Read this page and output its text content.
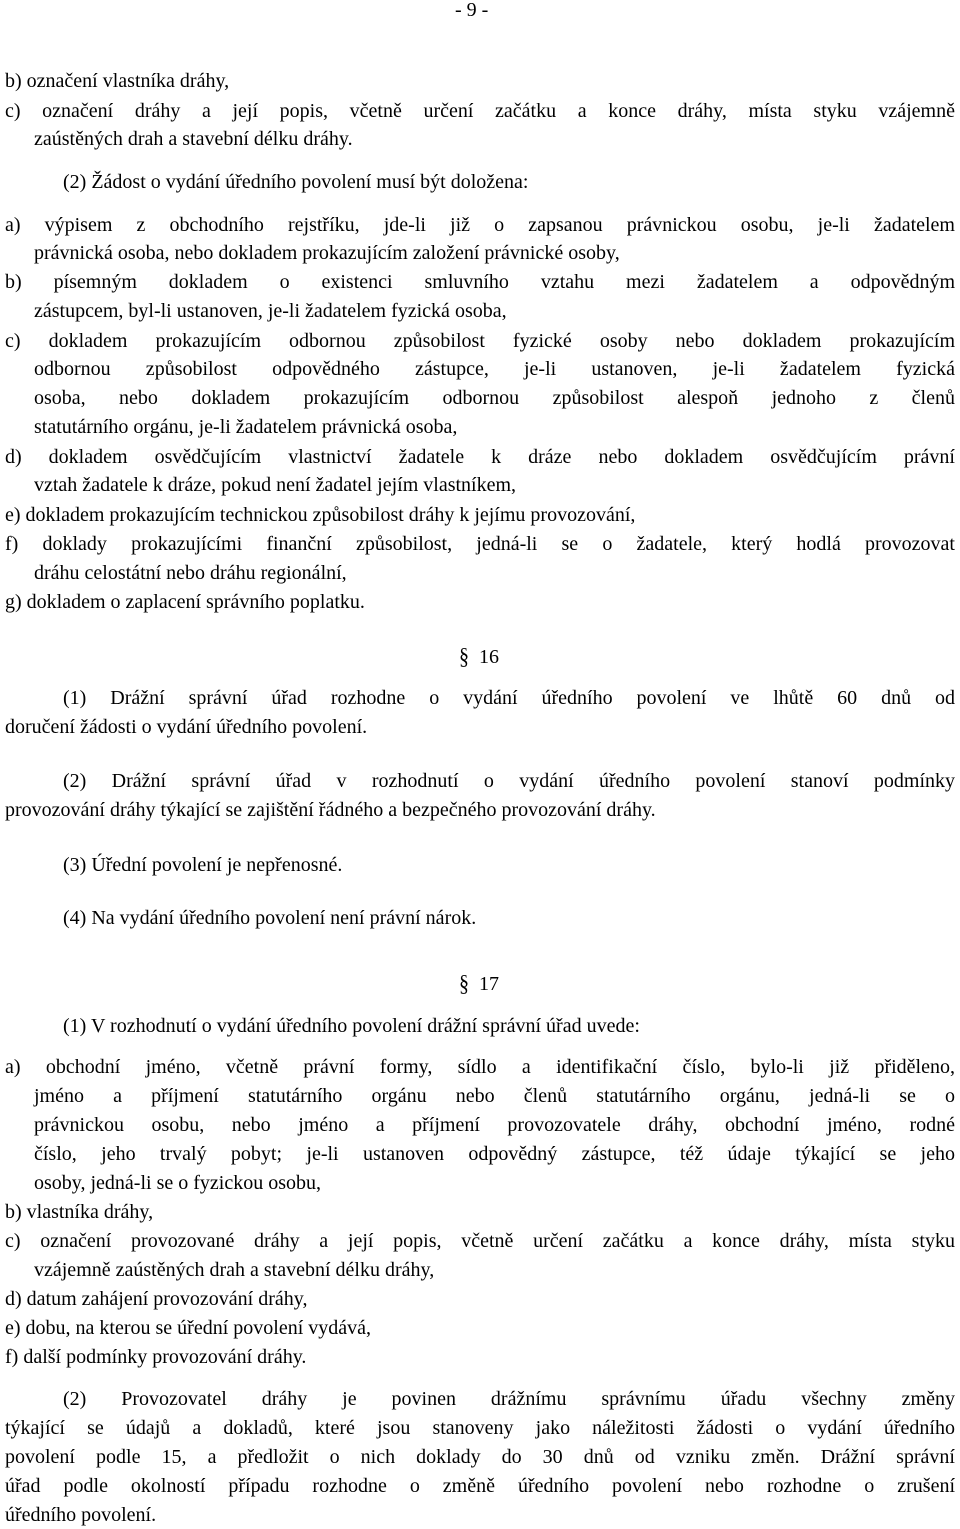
- 9 -
b) označení vlastníka dráhy,
c) označení dráhy a její popis, včetně určení začátku a konce dráhy, místa styku vzájemně
zaústěných drah a stavební délku dráhy.
(2) Žádost o vydání úředního povolení musí být doložena:
a) výpisem z obchodního rejstříku, jde-li již o zapsanou právnickou osobu, je-li žadatelem
právnická osoba, nebo dokladem prokazujícím založení právnické osoby,
b) písemným dokladem o existenci smluvního vztahu mezi žadatelem a odpovědným
zástupcem, byl-li ustanoven, je-li žadatelem fyzická osoba,
c) dokladem prokazujícím odbornou způsobilost fyzické osoby nebo dokladem prokazujícím
odbornou způsobilost odpovědného zástupce, je-li ustanoven, je-li žadatelem fyzická
osoba, nebo dokladem prokazujícím odbornou způsobilost alespoň jednoho z členů
statutárního orgánu, je-li žadatelem právnická osoba,
d) dokladem osvědčujícím vlastnictví žadatele k dráze nebo dokladem osvědčujícím právní
vztah žadatele k dráze, pokud není žadatel jejím vlastníkem,
e) dokladem prokazujícím technickou způsobilost dráhy k jejímu provozování,
f) doklady prokazujícími finanční způsobilost, jedná-li se o žadatele, který hodlá provozovat
dráhu celostátní nebo dráhu regionální,
g) dokladem o zaplacení správního poplatku.
§ 16
(1) Drážní správní úřad rozhodne o vydání úředního povolení ve lhůtě 60 dnů od
doručení žádosti o vydání úředního povolení.
(2) Drážní správní úřad v rozhodnutí o vydání úředního povolení stanoví podmínky
provozování dráhy týkající se zajištění řádného a bezpečného provozování dráhy.
(3) Úřední povolení je nepřenosné.
(4) Na vydání úředního povolení není právní nárok.
§ 17
(1) V rozhodnutí o vydání úředního povolení drážní správní úřad uvede:
a) obchodní jméno, včetně právní formy, sídlo a identifikační číslo, bylo-li již přiděleno,
jméno a příjmení statutárního orgánu nebo členů statutárního orgánu, jedná-li se o
právnickou osobu, nebo jméno a příjmení provozovatele dráhy, obchodní jméno, rodné
číslo, jeho trvalý pobyt; je-li ustanoven odpovědný zástupce, též údaje týkající se jeho
osoby, jedná-li se o fyzickou osobu,
b) vlastníka dráhy,
c) označení provozované dráhy a její popis, včetně určení začátku a konce dráhy, místa styku
vzájemně zaústěných drah a stavební délku dráhy,
d) datum zahájení provozování dráhy,
e) dobu, na kterou se úřední povolení vydává,
f) další podmínky provozování dráhy.
(2) Provozovatel dráhy je povinen drážnímu správnímu úřadu všechny změny
týkající se údajů a dokladů, které jsou stanoveny jako náležitosti žádosti o vydání úředního
povolení podle 15, a předložit o nich doklady do 30 dnů od vzniku změn. Drážní správní
úřad podle okolností případu rozhodne o změně úředního povolení nebo rozhodne o zrušení
úředního povolení.
